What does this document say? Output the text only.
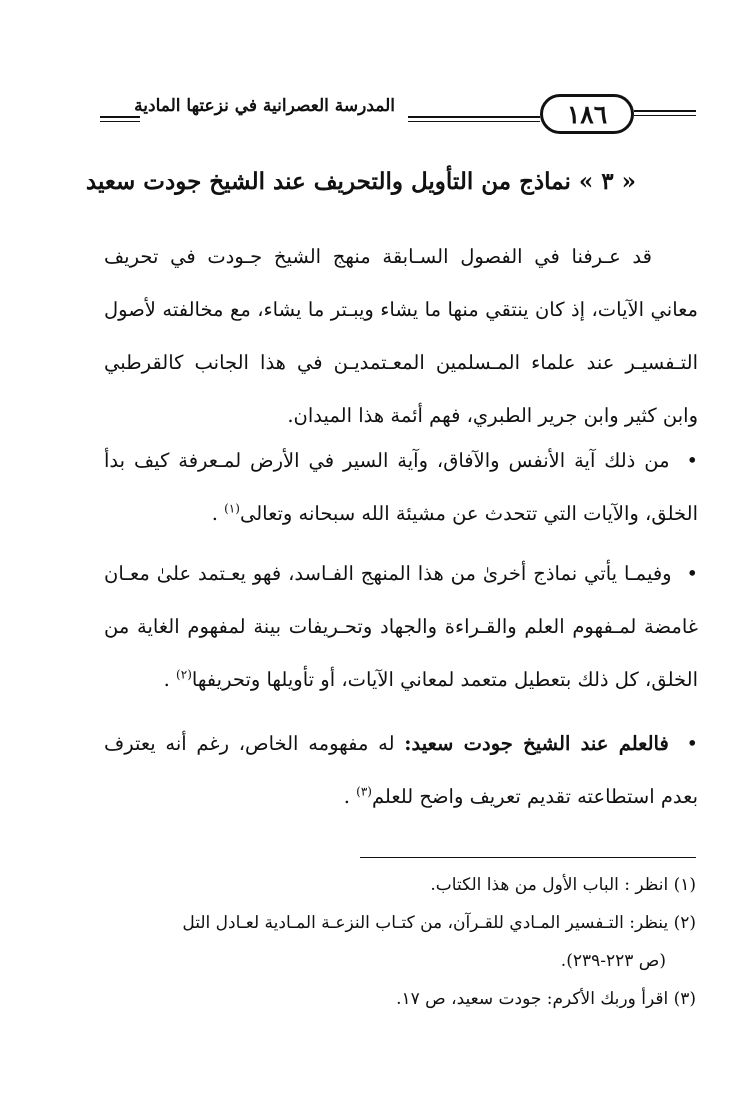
١٨٦
المدرسة العصرانية في نزعتها المادية
« ٣ » نماذج من التأويل والتحريف عند الشيخ جودت سعيد

قد عـرفنا في الفصول السـابقة منهج الشيخ جـودت في تحريف معاني الآيات، إذ كان ينتقي منها ما يشاء ويبـتر ما يشاء، مع مخالفته لأصول التـفسيـر عند علماء المـسلمين المعـتمديـن في هذا الجانب كالقرطبي وابن كثير وابن جرير الطبري، فهم أئمة هذا الميدان.

• من ذلك آية الأنفس والآفاق، وآية السير في الأرض لمـعرفة كيف بدأ الخلق، والآيات التي تتحدث عن مشيئة الله سبحانه وتعالى$^{(١)}$ .

• وفيمـا يأتي نماذج أخرىٰ من هذا المنهج الفـاسد، فهو يعـتمد علىٰ معـان غامضة لمـفهوم العلم والقـراءة والجهاد وتحـريفات بينة لمفهوم الغاية من الخلق، كل ذلك بتعطيل متعمد لمعاني الآيات، أو تأويلها وتحريفها$^{(٢)}$ .

• فالعلم عند الشيخ جودت سعيد: له مفهومه الخاص، رغم أنه يعترف بعدم استطاعته تقديم تعريف واضح للعلم$^{(٣)}$ .

(١) انظر : الباب الأول من هذا الكتاب.

(٢) ينظر: التـفسير المـادي للقـرآن، من كتـاب النزعـة المـادية لعـادل التل

(ص ٢٢٣-٢٣٩).

(٣) اقرأ وربك الأكرم: جودت سعيد، ص ١٧.
